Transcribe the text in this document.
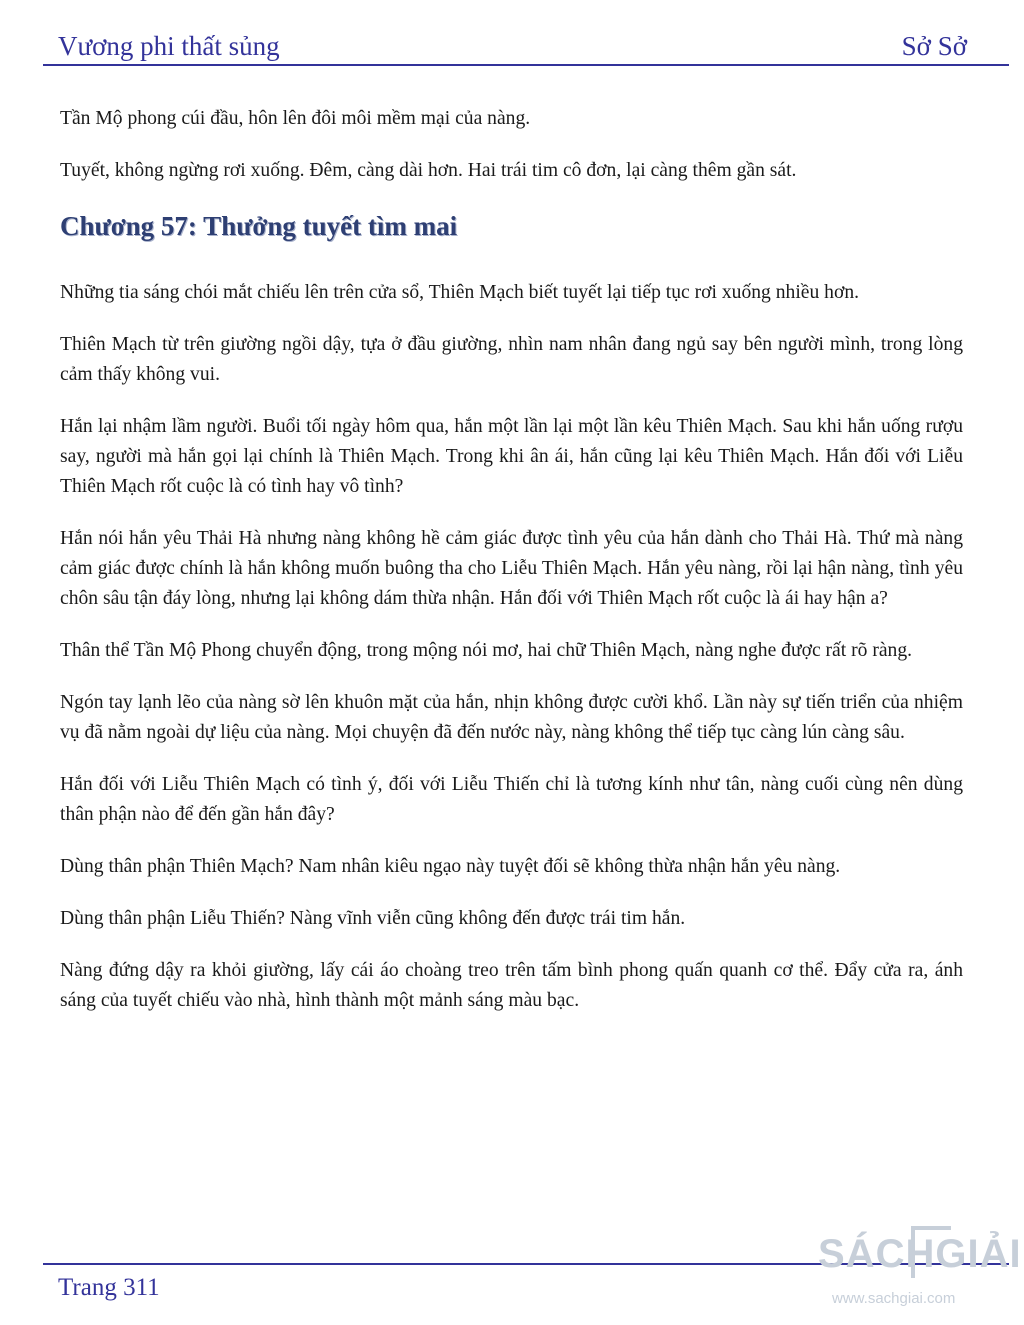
Vương phi thất sủng	Sở Sở

Tần Mộ phong cúi đầu, hôn lên đôi môi mềm mại của nàng.

Tuyết, không ngừng rơi xuống. Đêm, càng dài hơn. Hai trái tim cô đơn, lại càng thêm gần sát.

Chương 57: Thưởng tuyết tìm mai

Những tia sáng chói mắt chiếu lên trên cửa sổ, Thiên Mạch biết tuyết lại tiếp tục rơi xuống nhiều hơn.

Thiên Mạch từ trên giường ngồi dậy, tựa ở đầu giường, nhìn nam nhân đang ngủ say bên người mình, trong lòng cảm thấy không vui.

Hắn lại nhậm lầm người. Buổi tối ngày hôm qua, hắn một lần lại một lần kêu Thiên Mạch. Sau khi hắn uống rượu say, người mà hắn gọi lại chính là Thiên Mạch. Trong khi ân ái, hắn cũng lại kêu Thiên Mạch. Hắn đối với Liễu Thiên Mạch rốt cuộc là có tình hay vô tình?

Hắn nói hắn yêu Thải Hà nhưng nàng không hề cảm giác được tình yêu của hắn dành cho Thải Hà. Thứ mà nàng cảm giác được chính là hắn không muốn buông tha cho Liễu Thiên Mạch. Hắn yêu nàng, rồi lại hận nàng, tình yêu chôn sâu tận đáy lòng, nhưng lại không dám thừa nhận. Hắn đối với Thiên Mạch rốt cuộc là ái hay hận a?

Thân thể Tần Mộ Phong chuyển động, trong mộng nói mơ, hai chữ Thiên Mạch, nàng nghe được rất rõ ràng.

Ngón tay lạnh lẽo của nàng sờ lên khuôn mặt của hắn, nhịn không được cười khổ. Lần này sự tiến triển của nhiệm vụ đã nằm ngoài dự liệu của nàng. Mọi chuyện đã đến nước này, nàng không thể tiếp tục càng lún càng sâu.

Hắn đối với Liễu Thiên Mạch có tình ý, đối với Liễu Thiến chỉ là tương kính như tân, nàng cuối cùng nên dùng thân phận nào để đến gần hắn đây?

Dùng thân phận Thiên Mạch? Nam nhân kiêu ngạo này tuyệt đối sẽ không thừa nhận hắn yêu nàng.

Dùng thân phận Liễu Thiến? Nàng vĩnh viễn cũng không đến được trái tim hắn.

Nàng đứng dậy ra khỏi giường, lấy cái áo choàng treo trên tấm bình phong quấn quanh cơ thể. Đẩy cửa ra, ánh sáng của tuyết chiếu vào nhà, hình thành một mảnh sáng màu bạc.

Trang 311
SÁCHGIẢI
www.sachgiai.com
